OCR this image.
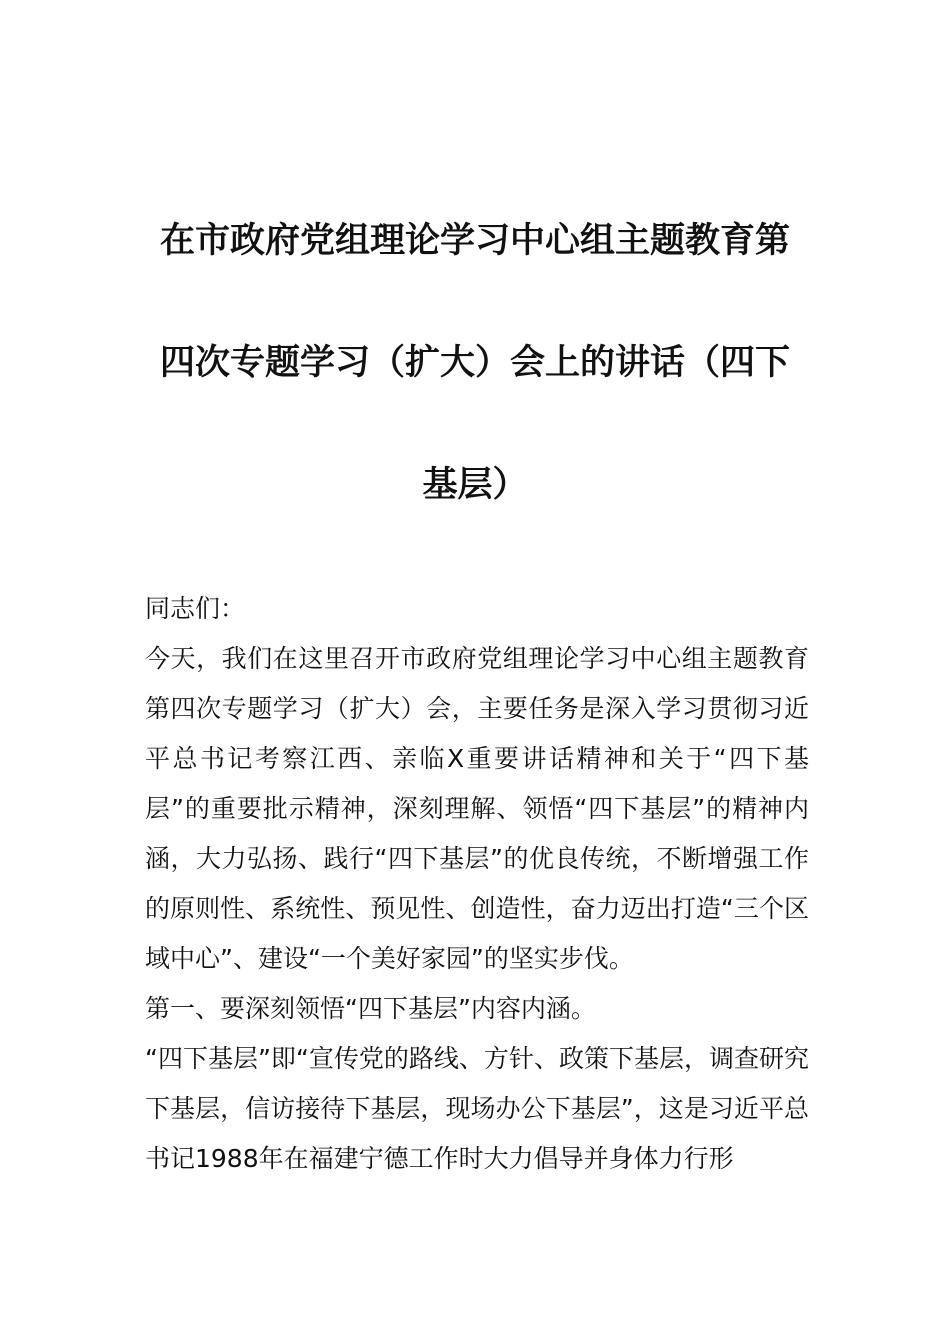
在市政府党组理论学习中心组主题教育第
四次专题学习（扩大）会上的讲话（四下
基层）

同志们：

今天，我们在这里召开市政府党组理论学习中心组主题教育第四次专题学习（扩大）会，主要任务是深入学习贯彻习近平总书记考察江西、亲临X重要讲话精神和关于“四下基层”的重要批示精神，深刻理解、领悟“四下基层”的精神内涵，大力弘扬、践行“四下基层”的优良传统，不断增强工作的原则性、系统性、预见性、创造性，奋力迈出打造“三个区域中心”、建设“一个美好家园”的坚实步伐。

第一、要深刻领悟“四下基层”内容内涵。

“四下基层”即“宣传党的路线、方针、政策下基层，调查研究下基层，信访接待下基层，现场办公下基层”，这是习近平总书记1988年在福建宁德工作时大力倡导并身体力行形
